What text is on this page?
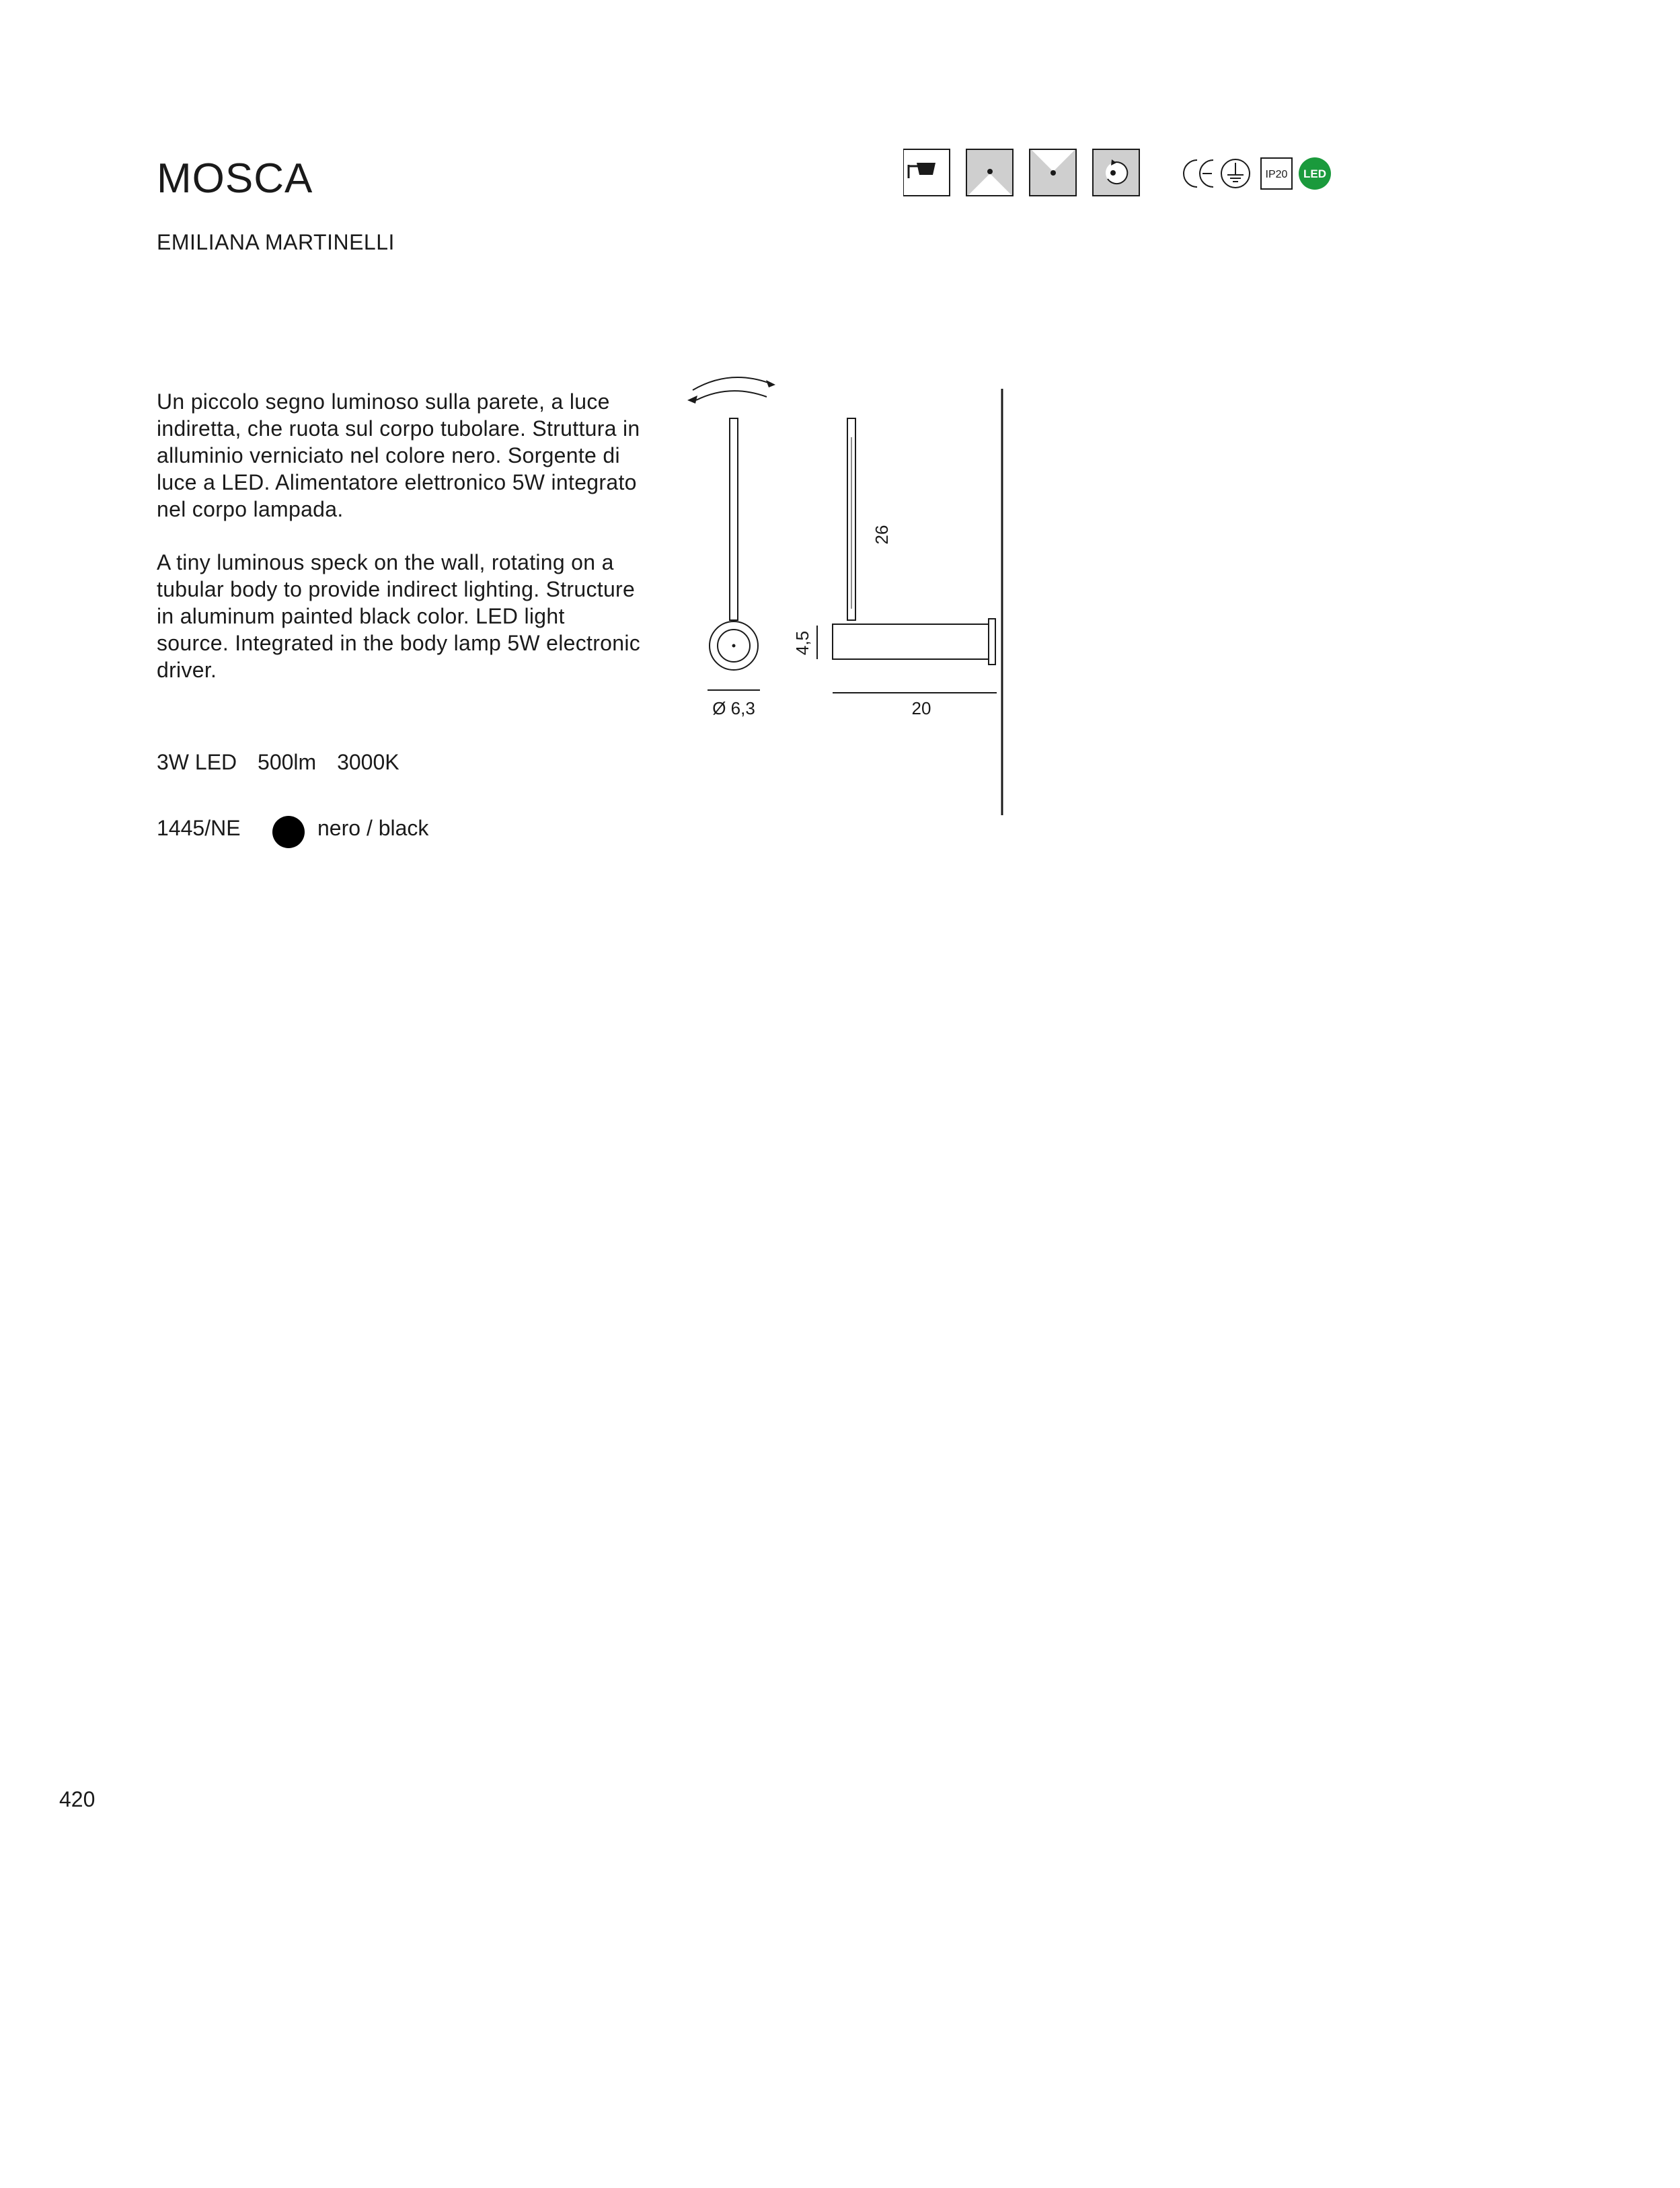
MOSCA
EMILIANA MARTINELLI
Un piccolo segno luminoso sulla parete, a luce indiretta, che ruota sul corpo tubolare. Struttura in alluminio verniciato nel colore nero. Sorgente di luce a LED. Alimentatore elettronico 5W integrato nel corpo lampada.
A tiny luminous speck on the wall, rotating on a tubular body to provide indirect lighting. Structure in aluminum painted black color. LED light source. Integrated in the body lamp 5W electronic driver.
3W LED 500lm 3000K
1445/NE	nero / black
420
IP20 LED
Ø 6,3
26
4,5
20
